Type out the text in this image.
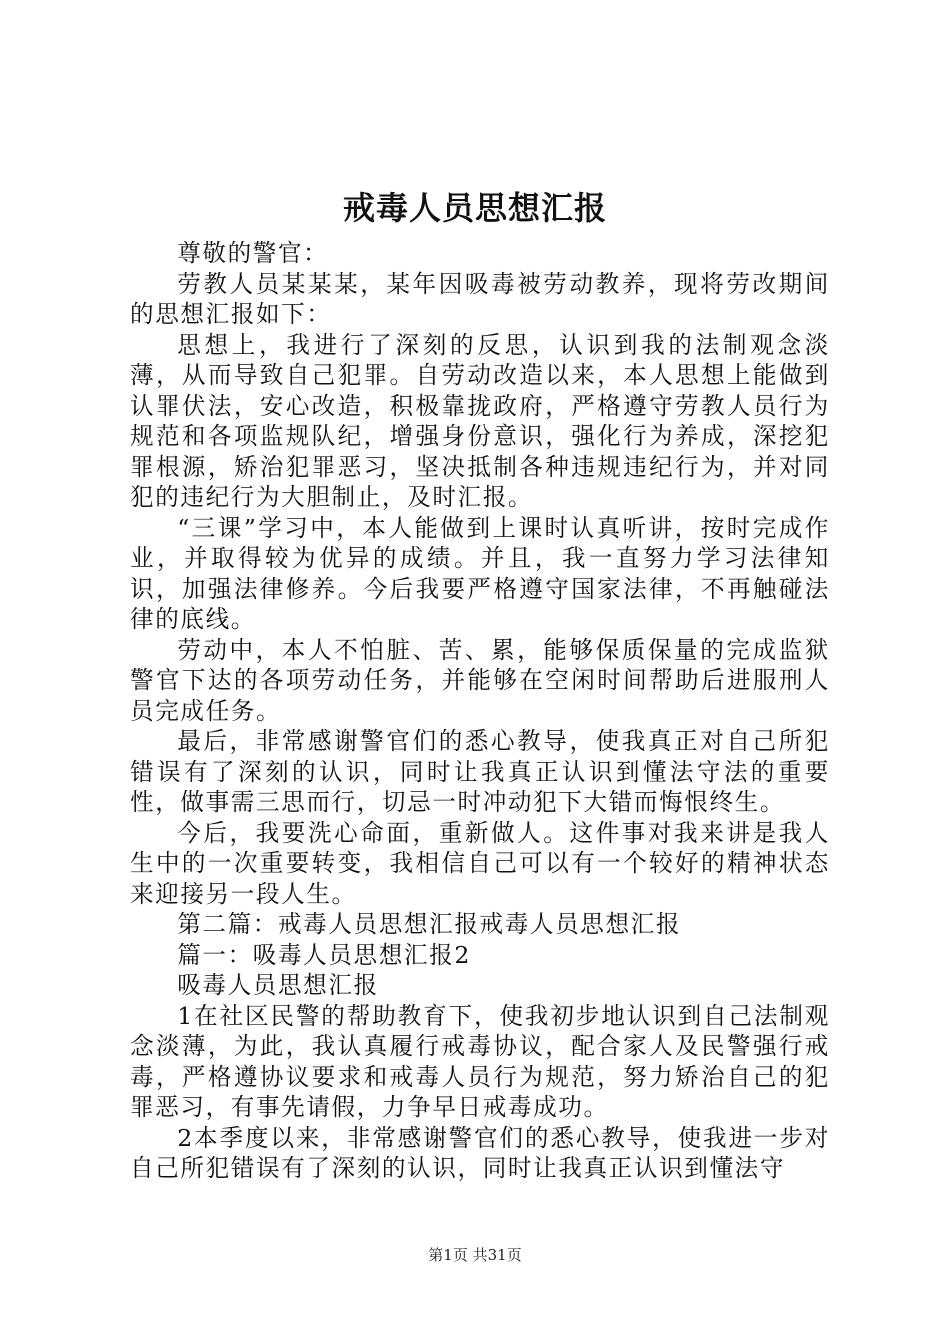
戒毒人员思想汇报

尊敬的警官：

劳教人员某某某，某年因吸毒被劳动教养，现将劳改期间的思想汇报如下：

思想上，我进行了深刻的反思，认识到我的法制观念淡薄，从而导致自己犯罪。自劳动改造以来，本人思想上能做到认罪伏法，安心改造，积极靠拢政府，严格遵守劳教人员行为规范和各项监规队纪，增强身份意识，强化行为养成，深挖犯罪根源，矫治犯罪恶习，坚决抵制各种违规违纪行为，并对同犯的违纪行为大胆制止，及时汇报。

“三课”学习中，本人能做到上课时认真听讲，按时完成作业，并取得较为优异的成绩。并且，我一直努力学习法律知识，加强法律修养。今后我要严格遵守国家法律，不再触碰法律的底线。

劳动中，本人不怕脏、苦、累，能够保质保量的完成监狱警官下达的各项劳动任务，并能够在空闲时间帮助后进服刑人员完成任务。

最后，非常感谢警官们的悉心教导，使我真正对自己所犯错误有了深刻的认识，同时让我真正认识到懂法守法的重要性，做事需三思而行，切忌一时冲动犯下大错而悔恨终生。

今后，我要洗心命面，重新做人。这件事对我来讲是我人生中的一次重要转变，我相信自己可以有一个较好的精神状态来迎接另一段人生。

第二篇：戒毒人员思想汇报戒毒人员思想汇报

篇一：吸毒人员思想汇报2

吸毒人员思想汇报

1在社区民警的帮助教育下，使我初步地认识到自己法制观念淡薄，为此，我认真履行戒毒协议，配合家人及民警强行戒毒，严格遵协议要求和戒毒人员行为规范，努力矫治自己的犯罪恶习，有事先请假，力争早日戒毒成功。

2本季度以来，非常感谢警官们的悉心教导，使我进一步对自己所犯错误有了深刻的认识，同时让我真正认识到懂法守

第1页 共31页
